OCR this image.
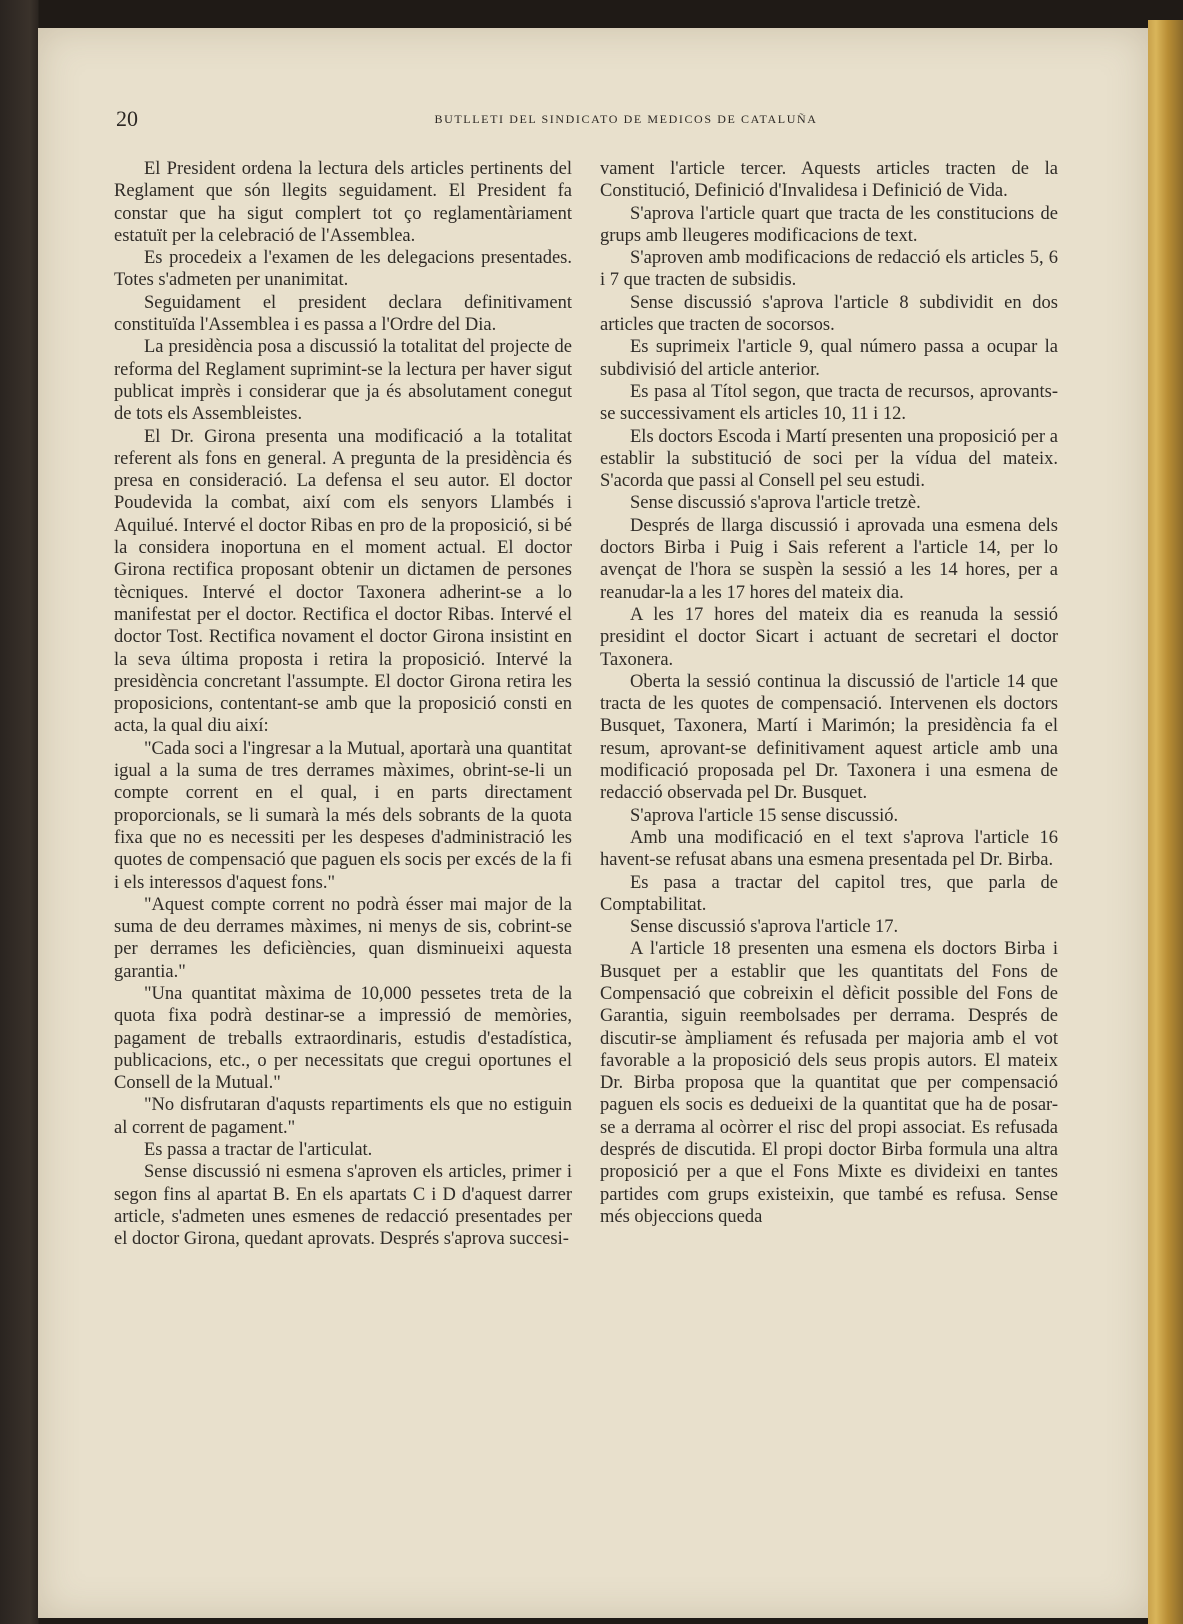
20	BUTLLETI DEL SINDICATO DE MEDICOS DE CATALUÑA

El President ordena la lectura dels articles pertinents del Reglament que són llegits seguidament. El President fa constar que ha sigut complert tot ço reglamentàriament estatuït per la celebració de l'Assemblea.

Es procedeix a l'examen de les delegacions presentades. Totes s'admeten per unanimitat.

Seguidament el president declara definitivament constituïda l'Assemblea i es passa a l'Ordre del Dia.

La presidència posa a discussió la totalitat del projecte de reforma del Reglament suprimint-se la lectura per haver sigut publicat imprès i considerar que ja és absolutament conegut de tots els Assembleistes.

El Dr. Girona presenta una modificació a la totalitat referent als fons en general. A pregunta de la presidència és presa en consideració. La defensa el seu autor. El doctor Poudevida la combat, així com els senyors Llambés i Aquilué. Intervé el doctor Ribas en pro de la proposició, si bé la considera inoportuna en el moment actual. El doctor Girona rectifica proposant obtenir un dictamen de persones tècniques. Intervé el doctor Taxonera adherint-se a lo manifestat per el doctor. Rectifica el doctor Ribas. Intervé el doctor Tost. Rectifica novament el doctor Girona insistint en la seva última proposta i retira la proposició. Intervé la presidència concretant l'assumpte. El doctor Girona retira les proposicions, contentant-se amb que la proposició consti en acta, la qual diu així:

"Cada soci a l'ingresar a la Mutual, aportarà una quantitat igual a la suma de tres derrames màximes, obrint-se-li un compte corrent en el qual, i en parts directament proporcionals, se li sumarà la més dels sobrants de la quota fixa que no es necessiti per les despeses d'administració les quotes de compensació que paguen els socis per excés de la fi i els interessos d'aquest fons."

"Aquest compte corrent no podrà ésser mai major de la suma de deu derrames màximes, ni menys de sis, cobrint-se per derrames les deficiències, quan disminueixi aquesta garantia."

"Una quantitat màxima de 10,000 pessetes treta de la quota fixa podrà destinar-se a impressió de memòries, pagament de treballs extraordinaris, estudis d'estadística, publicacions, etc., o per necessitats que cregui oportunes el Consell de la Mutual."

"No disfrutaran d'aqusts repartiments els que no estiguin al corrent de pagament."

Es passa a tractar de l'articulat.

Sense discussió ni esmena s'aproven els articles, primer i segon fins al apartat B. En els apartats C i D d'aquest darrer article, s'admeten unes esmenes de redacció presentades per el doctor Girona, quedant aprovats. Després s'aprova succesi-

vament l'article tercer. Aquests articles tracten de la Constitució, Definició d'Invalidesa i Definició de Vida.

S'aprova l'article quart que tracta de les constitucions de grups amb lleugeres modificacions de text.

S'aproven amb modificacions de redacció els articles 5, 6 i 7 que tracten de subsidis.

Sense discussió s'aprova l'article 8 subdividit en dos articles que tracten de socorsos.

Es suprimeix l'article 9, qual número passa a ocupar la subdivisió del article anterior.

Es pasa al Títol segon, que tracta de recursos, aprovants-se successivament els articles 10, 11 i 12.

Els doctors Escoda i Martí presenten una proposició per a establir la substitució de soci per la vídua del mateix. S'acorda que passi al Consell pel seu estudi.

Sense discussió s'aprova l'article tretzè.

Després de llarga discussió i aprovada una esmena dels doctors Birba i Puig i Sais referent a l'article 14, per lo avençat de l'hora se suspèn la sessió a les 14 hores, per a reanudar-la a les 17 hores del mateix dia.

A les 17 hores del mateix dia es reanuda la sessió presidint el doctor Sicart i actuant de secretari el doctor Taxonera.

Oberta la sessió continua la discussió de l'article 14 que tracta de les quotes de compensació. Intervenen els doctors Busquet, Taxonera, Martí i Marimón; la presidència fa el resum, aprovant-se definitivament aquest article amb una modificació proposada pel Dr. Taxonera i una esmena de redacció observada pel Dr. Busquet.

S'aprova l'article 15 sense discussió.

Amb una modificació en el text s'aprova l'article 16 havent-se refusat abans una esmena presentada pel Dr. Birba.

Es pasa a tractar del capitol tres, que parla de Comptabilitat.

Sense discussió s'aprova l'article 17.

A l'article 18 presenten una esmena els doctors Birba i Busquet per a establir que les quantitats del Fons de Compensació que cobreixin el dèficit possible del Fons de Garantia, siguin reembolsades per derrama. Després de discutir-se àmpliament és refusada per majoria amb el vot favorable a la proposició dels seus propis autors. El mateix Dr. Birba proposa que la quantitat que per compensació paguen els socis es dedueixi de la quantitat que ha de posar-se a derrama al ocòrrer el risc del propi associat. Es refusada després de discutida. El propi doctor Birba formula una altra proposició per a que el Fons Mixte es divideixi en tantes partides com grups existeixin, que també es refusa. Sense més objeccions queda
